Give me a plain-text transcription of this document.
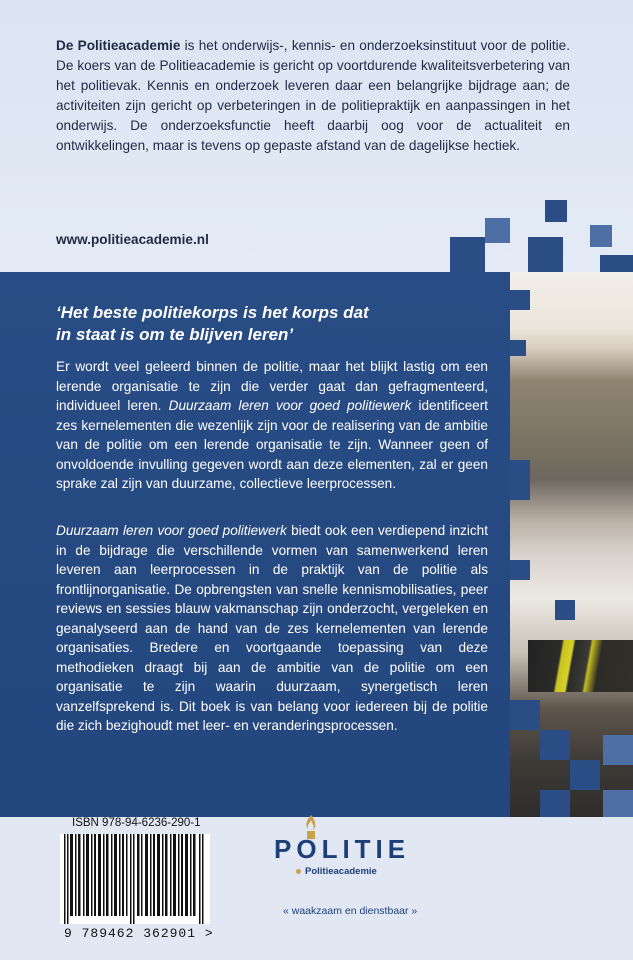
De Politieacademie is het onderwijs-, kennis- en onderzoeksinstituut voor de politie. De koers van de Politieacademie is gericht op voortdurende kwaliteitsverbetering van het politievak. Kennis en onderzoek leveren daar een belangrijke bijdrage aan; de activiteiten zijn gericht op verbeteringen in de politiepraktijk en aanpassingen in het onderwijs. De onderzoeksfunctie heeft daarbij oog voor de actualiteit en ontwikkelingen, maar is tevens op gepaste afstand van de dagelijkse hectiek.

www.politieacademie.nl

‘Het beste politiekorps is het korps dat
in staat is om te blijven leren’

Er wordt veel geleerd binnen de politie, maar het blijkt lastig om een lerende organisatie te zijn die verder gaat dan gefragmenteerd, individueel leren. Duurzaam leren voor goed politiewerk identificeert zes kernelementen die wezenlijk zijn voor de realisering van de ambitie van de politie om een lerende organisatie te zijn. Wanneer geen of onvoldoende invulling gegeven wordt aan deze elementen, zal er geen sprake zal zijn van duurzame, collectieve leerprocessen.

Duurzaam leren voor goed politiewerk biedt ook een verdiepend inzicht in de bijdrage die verschillende vormen van samenwerkend leren leveren aan leerprocessen in de praktijk van de politie als frontlijnorganisatie. De opbrengsten van snelle kennismobilisaties, peer reviews en sessies blauw vakmanschap zijn onderzocht, vergeleken en geanalyseerd aan de hand van de zes kernelementen van lerende organisaties. Bredere en voortgaande toepassing van deze methodieken draagt bij aan de ambitie van de politie om een organisatie te zijn waarin duurzaam, synergetisch leren vanzelfsprekend is. Dit boek is van belang voor iedereen bij de politie die zich bezighoudt met leer- en veranderingsprocessen.

ISBN 978-94-6236-290-1

9 789462 362901 >

POLITIE

Politieacademie

« waakzaam en dienstbaar »
